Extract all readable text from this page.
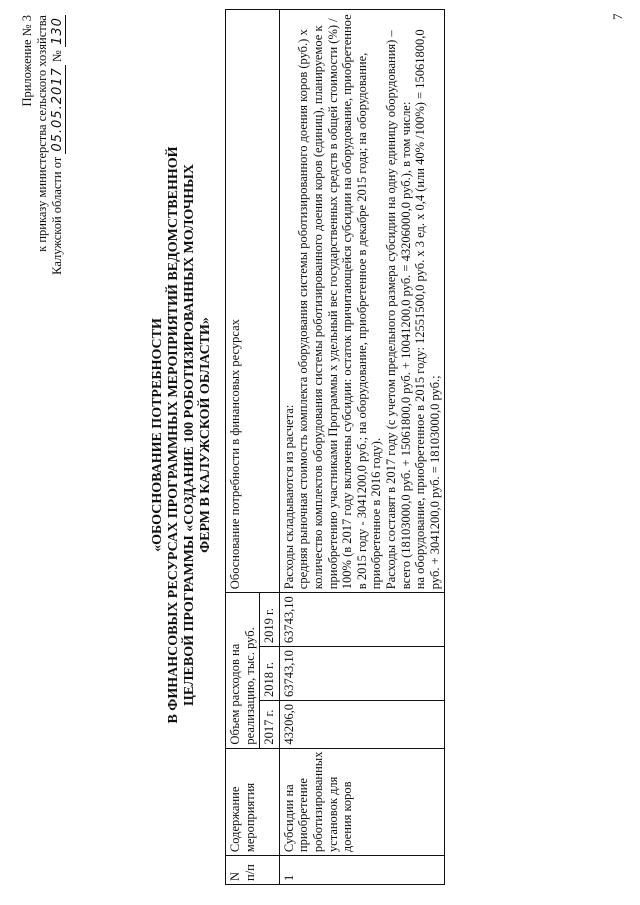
Приложение № 3 к приказу министерства сельского хозяйства Калужской области от 05.05.2017 № 130
«ОБОСНОВАНИЕ ПОТРЕБНОСТИ В ФИНАНСОВЫХ РЕСУРСАХ ПРОГРАММНЫХ МЕРОПРИЯТИЙ ВЕДОМСТВЕННОЙ ЦЕЛЕВОЙ ПРОГРАММЫ «СОЗДАНИЕ 100 РОБОТИЗИРОВАННЫХ МОЛОЧНЫХ ФЕРМ В КАЛУЖСКОЙ ОБЛАСТИ»
N п/п	Содержание мероприятия	Объем расходов на реализацию, тыс. руб.			Обоснование потребности в финансовых ресурсах
		2017 г.	2018 г.	2019 г.	
1	Субсидии на приобретение роботизированных установок для доения коров	43206,0	63743,10	63743,10	Расходы складываются из расчета: средняя рыночная стоимость комплекта оборудования системы роботизированного доения коров (руб.) х количество комплектов оборудования системы роботизированного доения коров (единиц), планируемое к приобретению участниками Программы х удельный вес государственных средств в общей стоимости (%) / 100% (в 2017 году включены субсидии: остаток причитающейся субсидии на оборудование, приобретенное в 2015 году - 3041200,0 руб.; на оборудование, приобретенное в декабре 2015 года; на оборудование, приобретенное в 2016 году). Расходы составят в 2017 году (с учетом предельного размера субсидии на одну единицу оборудования) – всего (18103000,0 руб. + 15061800,0 руб. + 10041200,0 руб. = 43206000,0 руб.), в том числе: на оборудование, приобретенное в 2015 году: 12551500,0 руб. х 3 ед. х 0,4 (или 40% /100%) = 15061800,0 руб. + 3041200,0 руб. = 18103000,0 руб.;

7
